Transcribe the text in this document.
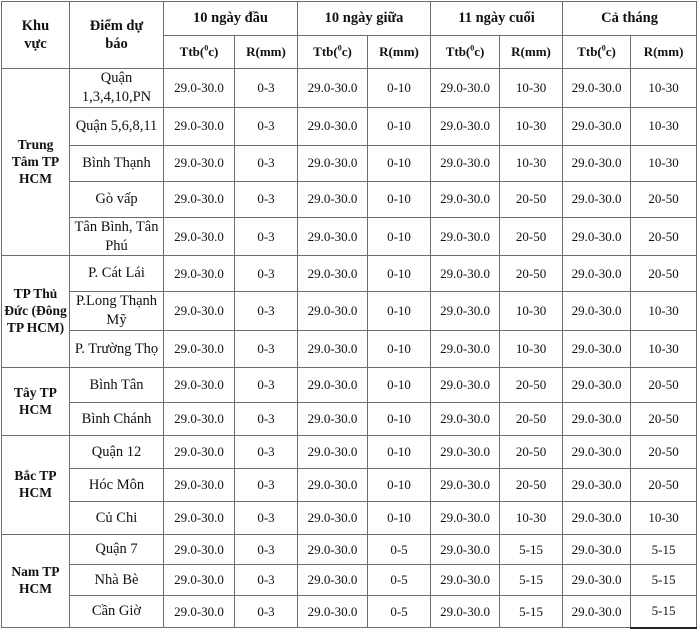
Khu vực	Điểm dự báo	10 ngày đầu		10 ngày giữa		11 ngày cuối		Cả tháng	
		Ttb($^0$c)	R(mm)	Ttb($^0$c)	R(mm)	Ttb($^0$c)	R(mm)	Ttb($^0$c)	R(mm)
Trung Tâm TP HCM	Quận 1,3,4,10,PN	29.0-30.0	0-3	29.0-30.0	0-10	29.0-30.0	10-30	29.0-30.0	10-30
	Quận 5,6,8,11	29.0-30.0	0-3	29.0-30.0	0-10	29.0-30.0	10-30	29.0-30.0	10-30
	Bình Thạnh	29.0-30.0	0-3	29.0-30.0	0-10	29.0-30.0	10-30	29.0-30.0	10-30
	Gò vấp	29.0-30.0	0-3	29.0-30.0	0-10	29.0-30.0	20-50	29.0-30.0	20-50
	Tân Bình, Tân Phú	29.0-30.0	0-3	29.0-30.0	0-10	29.0-30.0	20-50	29.0-30.0	20-50
TP Thủ Đức (Đông TP HCM)	P. Cát Lái	29.0-30.0	0-3	29.0-30.0	0-10	29.0-30.0	20-50	29.0-30.0	20-50
	P.Long Thạnh Mỹ	29.0-30.0	0-3	29.0-30.0	0-10	29.0-30.0	10-30	29.0-30.0	10-30
	P. Trường Thọ	29.0-30.0	0-3	29.0-30.0	0-10	29.0-30.0	10-30	29.0-30.0	10-30
Tây TP HCM	Bình Tân	29.0-30.0	0-3	29.0-30.0	0-10	29.0-30.0	20-50	29.0-30.0	20-50
	Bình Chánh	29.0-30.0	0-3	29.0-30.0	0-10	29.0-30.0	20-50	29.0-30.0	20-50
Bắc TP HCM	Quận 12	29.0-30.0	0-3	29.0-30.0	0-10	29.0-30.0	20-50	29.0-30.0	20-50
	Hóc Môn	29.0-30.0	0-3	29.0-30.0	0-10	29.0-30.0	20-50	29.0-30.0	20-50
	Củ Chi	29.0-30.0	0-3	29.0-30.0	0-10	29.0-30.0	10-30	29.0-30.0	10-30
Nam TP HCM	Quận 7	29.0-30.0	0-3	29.0-30.0	0-5	29.0-30.0	5-15	29.0-30.0	5-15
	Nhà Bè	29.0-30.0	0-3	29.0-30.0	0-5	29.0-30.0	5-15	29.0-30.0	5-15
	Cần Giờ	29.0-30.0	0-3	29.0-30.0	0-5	29.0-30.0	5-15	29.0-30.0	5-15
